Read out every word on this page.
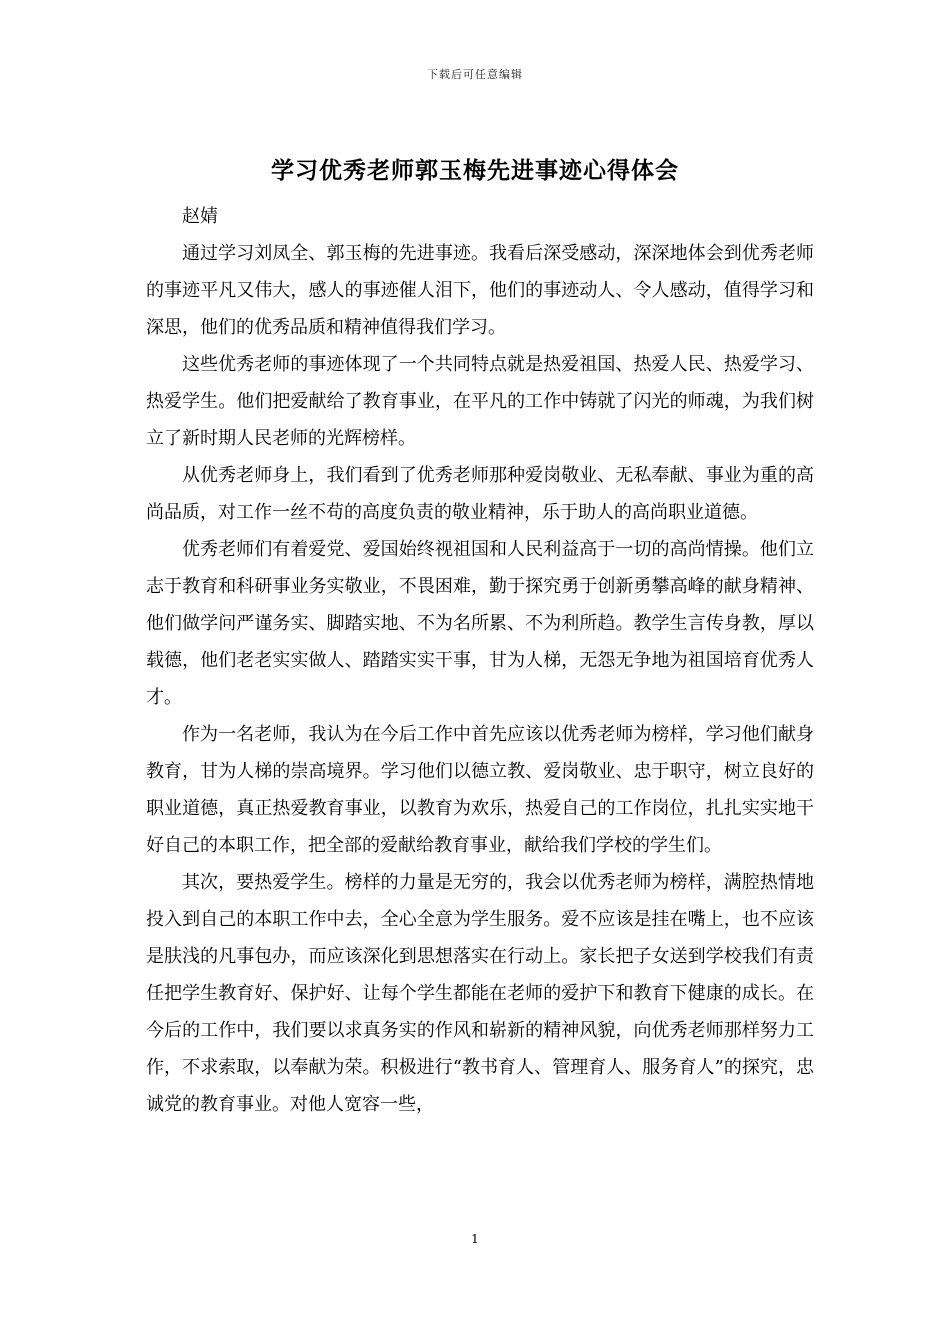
下载后可任意编辑
学习优秀老师郭玉梅先进事迹心得体会

赵婧

通过学习刘凤全、郭玉梅的先进事迹。我看后深受感动，深深地体会到优秀老师的事迹平凡又伟大，感人的事迹催人泪下，他们的事迹动人、令人感动，值得学习和深思，他们的优秀品质和精神值得我们学习。

这些优秀老师的事迹体现了一个共同特点就是热爱祖国、热爱人民、热爱学习、热爱学生。他们把爱献给了教育事业，在平凡的工作中铸就了闪光的师魂，为我们树立了新时期人民老师的光辉榜样。

从优秀老师身上，我们看到了优秀老师那种爱岗敬业、无私奉献、事业为重的高尚品质，对工作一丝不苟的高度负责的敬业精神，乐于助人的高尚职业道德。

优秀老师们有着爱党、爱国始终视祖国和人民利益高于一切的高尚情操。他们立志于教育和科研事业务实敬业，不畏困难，勤于探究勇于创新勇攀高峰的献身精神、他们做学问严谨务实、脚踏实地、不为名所累、不为利所趋。教学生言传身教，厚以载德，他们老老实实做人、踏踏实实干事，甘为人梯，无怨无争地为祖国培育优秀人才。

作为一名老师，我认为在今后工作中首先应该以优秀老师为榜样，学习他们献身教育，甘为人梯的崇高境界。学习他们以德立教、爱岗敬业、忠于职守，树立良好的职业道德，真正热爱教育事业，以教育为欢乐，热爱自己的工作岗位，扎扎实实地干好自己的本职工作，把全部的爱献给教育事业，献给我们学校的学生们。

其次，要热爱学生。榜样的力量是无穷的，我会以优秀老师为榜样，满腔热情地投入到自己的本职工作中去，全心全意为学生服务。爱不应该是挂在嘴上，也不应该是肤浅的凡事包办，而应该深化到思想落实在行动上。家长把子女送到学校我们有责任把学生教育好、保护好、让每个学生都能在老师的爱护下和教育下健康的成长。在今后的工作中，我们要以求真务实的作风和崭新的精神风貌，向优秀老师那样努力工作，不求索取，以奉献为荣。积极进行“教书育人、管理育人、服务育人”的探究，忠诚党的教育事业。对他人宽容一些，

1
